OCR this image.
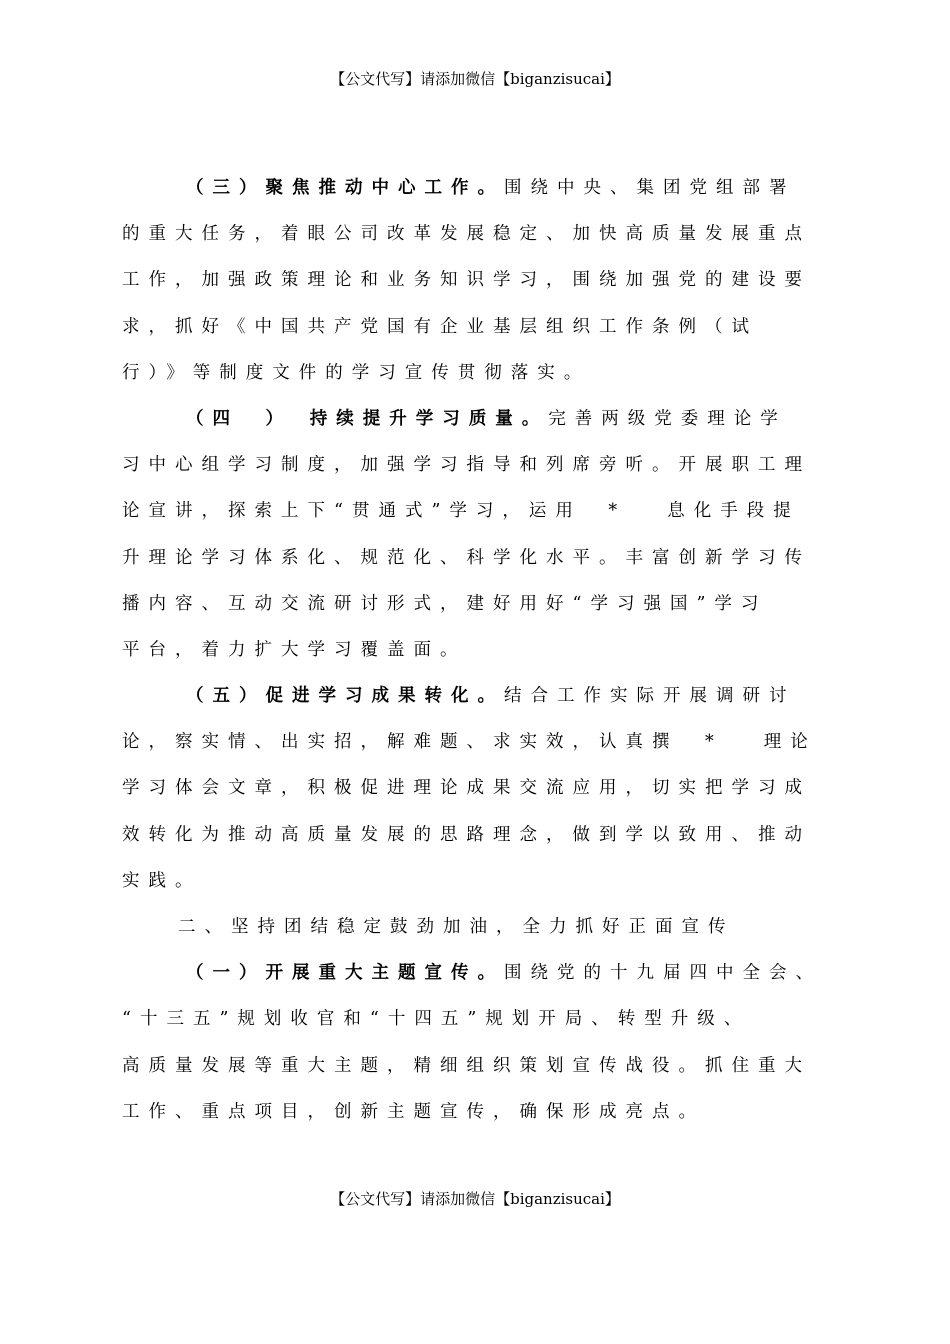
【公文代写】请添加微信【biganzisucai】
（三）聚焦推动中心工作。围绕中央、集团党组部署
的重大任务，着眼公司改革发展稳定、加快高质量发展重点
工作，加强政策理论和业务知识学习，围绕加强党的建设要
求，抓好《中国共产党国有企业基层组织工作条例（试
行）》等制度文件的学习宣传贯彻落实。
（四　）　持续提升学习质量。完善两级党委理论学
习中心组学习制度，加强学习指导和列席旁听。开展职工理
论宣讲，探索上下“贯通式”学习，运用　*　 息化手段提
升理论学习体系化、规范化、科学化水平。丰富创新学习传
播内容、互动交流研讨形式，建好用好“学习强国”学习
平台，着力扩大学习覆盖面。
（五）促进学习成果转化。结合工作实际开展调研讨
论，察实情、出实招，解难题、求实效，认真撰　*　 理论
学习体会文章，积极促进理论成果交流应用，切实把学习成
效转化为推动高质量发展的思路理念，做到学以致用、推动
实践。
二、坚持团结稳定鼓劲加油，全力抓好正面宣传
（一）开展重大主题宣传。围绕党的十九届四中全会、
“十三五”规划收官和“十四五”规划开局、转型升级、
高质量发展等重大主题，精细组织策划宣传战役。抓住重大
工作、重点项目，创新主题宣传，确保形成亮点。
【公文代写】请添加微信【biganzisucai】
